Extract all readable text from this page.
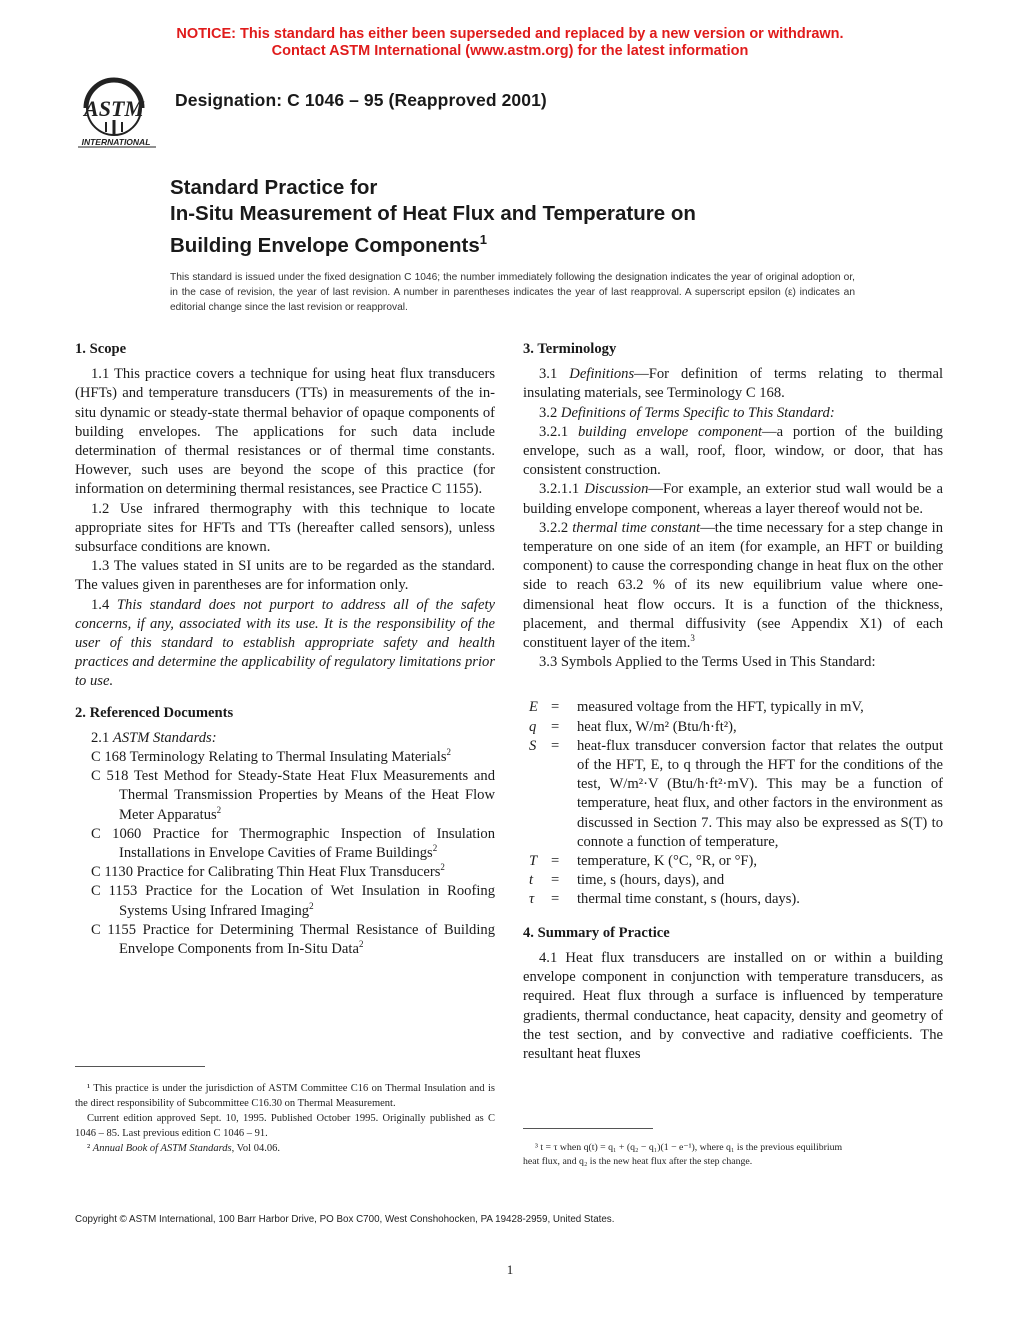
NOTICE: This standard has either been superseded and replaced by a new version or withdrawn.
Contact ASTM International (www.astm.org) for the latest information
ASTM
INTERNATIONAL
Designation: C 1046 – 95 (Reapproved 2001)
Standard Practice for
In-Situ Measurement of Heat Flux and Temperature on
Building Envelope Components$^1$
This standard is issued under the fixed designation C 1046; the number immediately following the designation indicates the year of original adoption or, in the case of revision, the year of last revision. A number in parentheses indicates the year of last reapproval. A superscript epsilon (ε) indicates an editorial change since the last revision or reapproval.
1. Scope

1.1 This practice covers a technique for using heat flux transducers (HFTs) and temperature transducers (TTs) in measurements of the in-situ dynamic or steady-state thermal behavior of opaque components of building envelopes. The applications for such data include determination of thermal resistances or of thermal time constants. However, such uses are beyond the scope of this practice (for information on determining thermal resistances, see Practice C 1155).

1.2 Use infrared thermography with this technique to locate appropriate sites for HFTs and TTs (hereafter called sensors), unless subsurface conditions are known.

1.3 The values stated in SI units are to be regarded as the standard. The values given in parentheses are for information only.

1.4 This standard does not purport to address all of the safety concerns, if any, associated with its use. It is the responsibility of the user of this standard to establish appropriate safety and health practices and determine the applicability of regulatory limitations prior to use.

2. Referenced Documents

2.1 ASTM Standards:

C 168 Terminology Relating to Thermal Insulating Materials$^2$

C 518 Test Method for Steady-State Heat Flux Measurements and Thermal Transmission Properties by Means of the Heat Flow Meter Apparatus$^2$

C 1060 Practice for Thermographic Inspection of Insulation Installations in Envelope Cavities of Frame Buildings$^2$

C 1130 Practice for Calibrating Thin Heat Flux Transducers$^2$

C 1153 Practice for the Location of Wet Insulation in Roofing Systems Using Infrared Imaging$^2$

C 1155 Practice for Determining Thermal Resistance of Building Envelope Components from In-Situ Data$^2$

¹ This practice is under the jurisdiction of ASTM Committee C16 on Thermal Insulation and is the direct responsibility of Subcommittee C16.30 on Thermal Measurement.

Current edition approved Sept. 10, 1995. Published October 1995. Originally published as C 1046 – 85. Last previous edition C 1046 – 91.

² Annual Book of ASTM Standards, Vol 04.06.

3. Terminology

3.1 Definitions—For definition of terms relating to thermal insulating materials, see Terminology C 168.

3.2 Definitions of Terms Specific to This Standard:

3.2.1 building envelope component—a portion of the building envelope, such as a wall, roof, floor, window, or door, that has consistent construction.

3.2.1.1 Discussion—For example, an exterior stud wall would be a building envelope component, whereas a layer thereof would not be.

3.2.2 thermal time constant—the time necessary for a step change in temperature on one side of an item (for example, an HFT or building component) to cause the corresponding change in heat flux on the other side to reach 63.2 % of its new equilibrium value where one-dimensional heat flow occurs. It is a function of the thickness, placement, and thermal diffusivity (see Appendix X1) of each constituent layer of the item.$^3$

3.3 Symbols Applied to the Terms Used in This Standard:

E =	measured voltage from the HFT, typically in mV,
q	=	heat flux, W/m² (Btu/h·ft²),
S	=	heat-flux transducer conversion factor that relates the output of the HFT, E, to q through the HFT for the conditions of the test, W/m²·V (Btu/h·ft²·mV). This may be a function of temperature, heat flux, and other factors in the environment as discussed in Section 7. This may also be expressed as S(T) to connote a function of temperature,
T =	temperature, K (°C, °R, or °F),
t	=	time, s (hours, days), and
τ	=	thermal time constant, s (hours, days).
4. Summary of Practice

4.1 Heat flux transducers are installed on or within a building envelope component in conjunction with temperature transducers, as required. Heat flux through a surface is influenced by temperature gradients, thermal conductance, heat capacity, density and geometry of the test section, and by convective and radiative coefficients. The resultant heat fluxes

³ t = τ when q(t) = q₁ + (q₂ − q₁)(1 − e⁻¹), where q₁ is the previous equilibrium

heat flux, and q₂ is the new heat flux after the step change.

Copyright © ASTM International, 100 Barr Harbor Drive, PO Box C700, West Conshohocken, PA 19428-2959, United States.
1
